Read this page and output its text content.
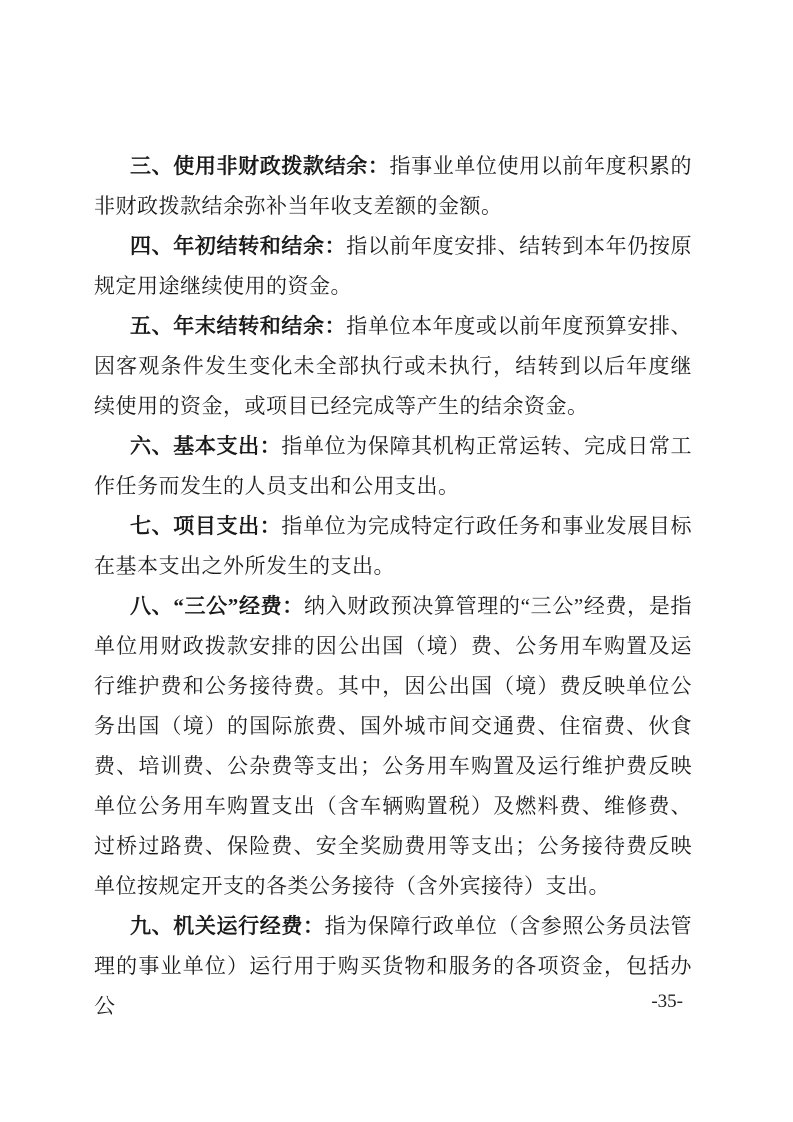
三、使用非财政拨款结余：指事业单位使用以前年度积累的非财政拨款结余弥补当年收支差额的金额。

四、年初结转和结余：指以前年度安排、结转到本年仍按原规定用途继续使用的资金。

五、年末结转和结余：指单位本年度或以前年度预算安排、因客观条件发生变化未全部执行或未执行，结转到以后年度继续使用的资金，或项目已经完成等产生的结余资金。

六、基本支出：指单位为保障其机构正常运转、完成日常工作任务而发生的人员支出和公用支出。

七、项目支出：指单位为完成特定行政任务和事业发展目标在基本支出之外所发生的支出。

八、“三公”经费：纳入财政预决算管理的“三公”经费，是指单位用财政拨款安排的因公出国（境）费、公务用车购置及运行维护费和公务接待费。其中，因公出国（境）费反映单位公务出国（境）的国际旅费、国外城市间交通费、住宿费、伙食费、培训费、公杂费等支出；公务用车购置及运行维护费反映单位公务用车购置支出（含车辆购置税）及燃料费、维修费、过桥过路费、保险费、安全奖励费用等支出；公务接待费反映单位按规定开支的各类公务接待（含外宾接待）支出。

九、机关运行经费：指为保障行政单位（含参照公务员法管理的事业单位）运行用于购买货物和服务的各项资金，包括办公	-35-
